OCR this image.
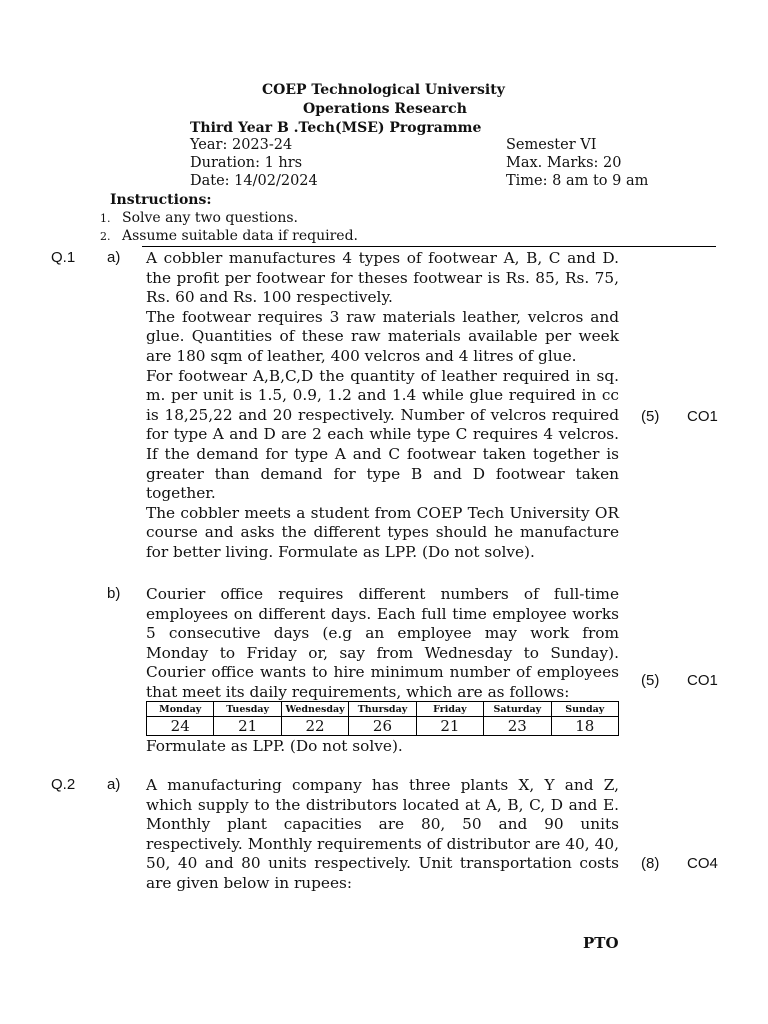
COEP Technological University
Operations Research
Third Year B .Tech(MSE) Programme
Year: 2023-24
Duration: 1 hrs
Date: 14/02/2024
Semester VI
Max. Marks: 20
Time: 8 am to 9 am
Instructions:
1. Solve any two questions.
2. Assume suitable data if required.
Q.1 a) A cobbler manufactures 4 types of footwear A, B, C and D. the profit per footwear for theses footwear is Rs. 85, Rs. 75, Rs. 60 and Rs. 100 respectively.

The footwear requires 3 raw materials leather, velcros and glue. Quantities of these raw materials available per week are 180 sqm of leather, 400 velcros and 4 litres of glue.

For footwear A,B,C,D the quantity of leather required in sq. m. per unit is 1.5, 0.9, 1.2 and 1.4 while glue required in cc is 18,25,22 and 20 respectively. Number of velcros required for type A and D are 2 each while type C requires 4 velcros. If the demand for type A and C footwear taken together is greater than demand for type B and D footwear taken together.

The cobbler meets a student from COEP Tech University OR course and asks the different types should he manufacture for better living. Formulate as LPP. (Do not solve).

(5) CO1
b) Courier office requires different numbers of full-time employees on different days. Each full time employee works 5 consecutive days (e.g an employee may work from Monday to Friday or, say from Wednesday to Sunday). Courier office wants to hire minimum number of employees that meet its daily requirements, which are as follows:

(5) CO1
Monday	Tuesday	Wednesday	Thursday	Friday	Saturday	Sunday
24	21	22	26	21	23	18

Formulate as LPP. (Do not solve).

Q.2 a) A manufacturing company has three plants X, Y and Z, which supply to the distributors located at A, B, C, D and E. Monthly plant capacities are 80, 50 and 90 units respectively. Monthly requirements of distributor are 40, 40, 50, 40 and 80 units respectively. Unit transportation costs are given below in rupees:

(8) CO4
PTO
